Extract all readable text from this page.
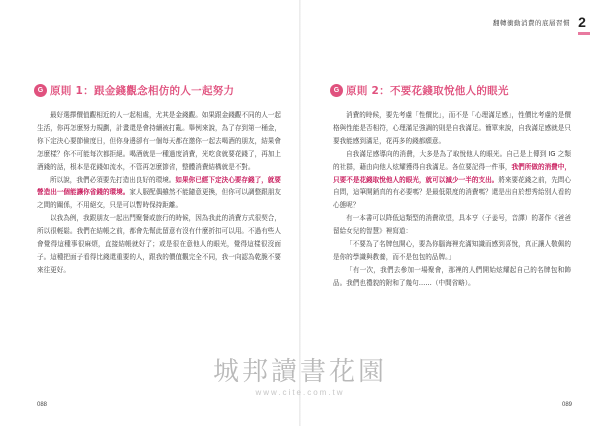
G 原則 1：跟金錢觀念相仿的人一起努力

最好選擇價值觀相近的人一起相處，尤其是金錢觀。如果跟金錢觀不同的人一起生活，你再怎麼努力規劃，計畫還是會持續被打亂。舉例來說，為了存到第一桶金，你下定決心要節儉度日，但你身邊卻有一個每天都在邀你一起去喝酒的朋友，結果會怎麼樣？你不可能每次都拒絕。喝酒就是一種過度消費，光吃食就要花錢了，再加上酒錢的話，根本是花錢如流水，不管再怎麼節省，整體消費結構就是不對。

所以說，我們必須要先打造出良好的環境。如果你已經下定決心要存錢了，就要營造出一個能讓你省錢的環境。家人服配偶雖然不能隨意更換，但你可以調整跟朋友之間的關係，不用絕交，只是可以暫時保持距離。

以我為例，我跟朋友一起出門聚餐或旅行的時候，因為我此的消費方式很契合，所以很輕鬆。我們在結帳之前，都會先幫此留意有沒有什麼折扣可以用。不過有些人會覺得這種事很麻煩，直接結帳就好了；或是很在意他人的眼光，覺得這樣很沒面子。這種把面子看得比錢還重要的人，跟我的價值觀完全不同，我一向認為乾脆不要來往更好。

088
翻轉衝動消費的底層習慣 2
G 原則 2：不要花錢取悅他人的眼光

消費的時候，要先考慮「性價比」，而不是「心理滿足感」，性價比考慮的是價格與性能是否相符，心理滿足強調的則是自我滿足。簡單來說，自我滿足感就是只要我能感到滿足，花再多的錢都願意。

自我滿足感導向的消費，大多是為了取悅他人的眼光。自己是上傳到 IG 之類的社群，藉由向他人炫耀獲得自我滿足。各位要記得一件事，我們所做的消費中，只要不是花錢取悅他人的眼光，就可以減少一半的支出。將來要花錢之前，先問心自問，這筆開銷真的有必要嗎？是最低限度的消費嗎？還是出自於想秀給別人看的心態呢？

有一本書可以降低這類型的消費欲望，具本亨（子姜号，音譯）的著作《爸爸留給女兒的智慧》裡寫道：

「不要為了名牌包開心，要為你腦海裡充滿知識而感到喜悅，真正讓人敬佩的是你的學識與教養，而不是包包的品牌。」

「有一次，我們去參加一場聚會，那裡的人們開始炫耀起自己的名牌包和飾品。我們也禮貌的附和了幾句……（中間省略）。

089
城邦讀書花園
www.cite.com.tw
